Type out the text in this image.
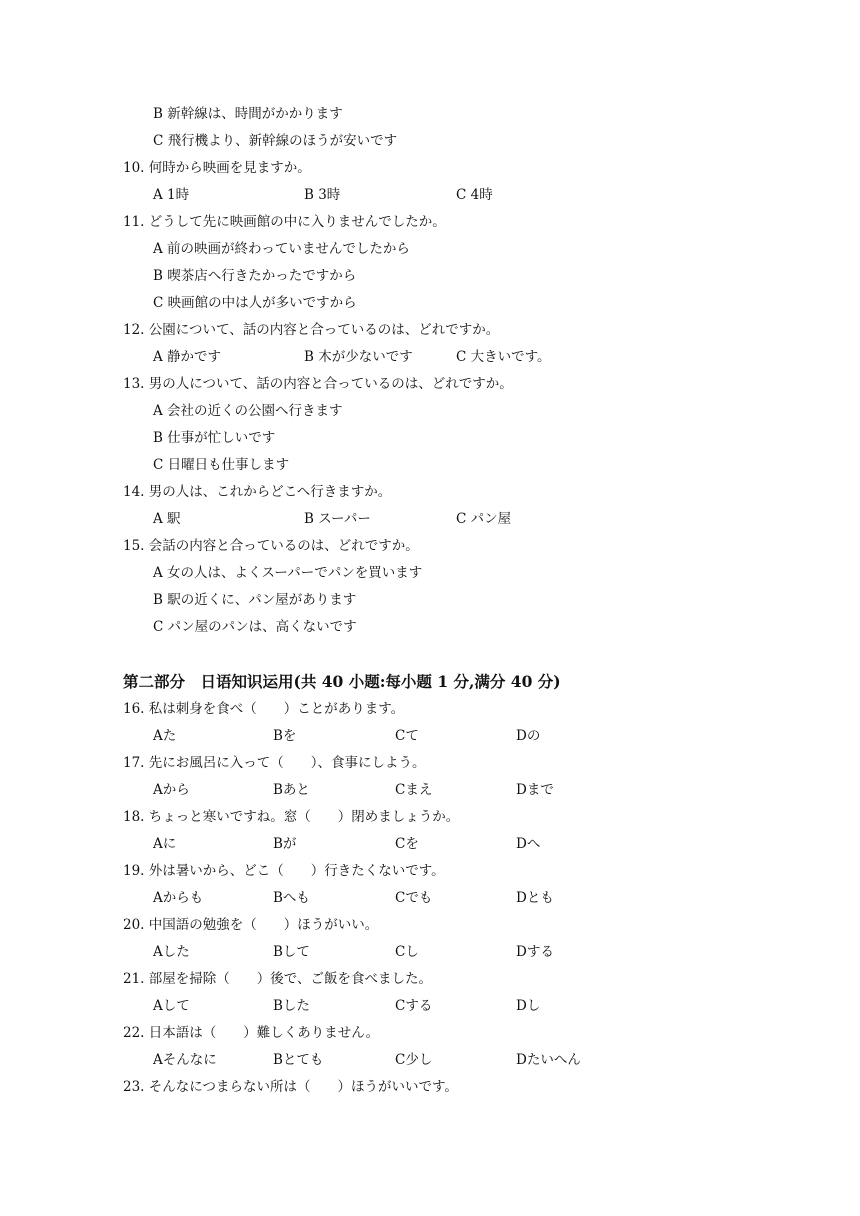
B 新幹線は、時間がかかります
C 飛行機より、新幹線のほうが安いです
10. 何時から映画を見ますか。
A 1時	B 3時	C 4時
11. どうして先に映画館の中に入りませんでしたか。
A 前の映画が終わっていませんでしたから
B 喫茶店へ行きたかったですから
C 映画館の中は人が多いですから
12. 公園について、話の内容と合っているのは、どれですか。
A 静かです	B 木が少ないです	C 大きいです。
13. 男の人について、話の内容と合っているのは、どれですか。
A 会社の近くの公園へ行きます
B 仕事が忙しいです
C 日曜日も仕事します
14. 男の人は、これからどこへ行きますか。
A 駅	B スーパー	C パン屋
15. 会話の内容と合っているのは、どれですか。
A 女の人は、よくスーパーでパンを買います
B 駅の近くに、パン屋があります
C パン屋のパンは、高くないです
第二部分　日语知识运用(共 40 小题:每小题 1 分,满分 40 分)
16. 私は刺身を食べ（　　）ことがあります。
Aた	Bを	Cて	Dの
17. 先にお風呂に入って（　　）、食事にしよう。
Aから	Bあと	Cまえ	Dまで
18. ちょっと寒いですね。窓（　　）閉めましょうか。
Aに	Bが	Cを	Dへ
19. 外は暑いから、どこ（　　）行きたくないです。
Aからも	Bへも	Cでも	Dとも
20. 中国語の勉強を（　　）ほうがいい。
Aした	Bして	Cし	Dする
21. 部屋を掃除（　　）後で、ご飯を食べました。
Aして	Bした	Cする	Dし
22. 日本語は（　　）難しくありません。
Aそんなに	Bとても	C少し	Dたいへん
23. そんなにつまらない所は（　　）ほうがいいです。
